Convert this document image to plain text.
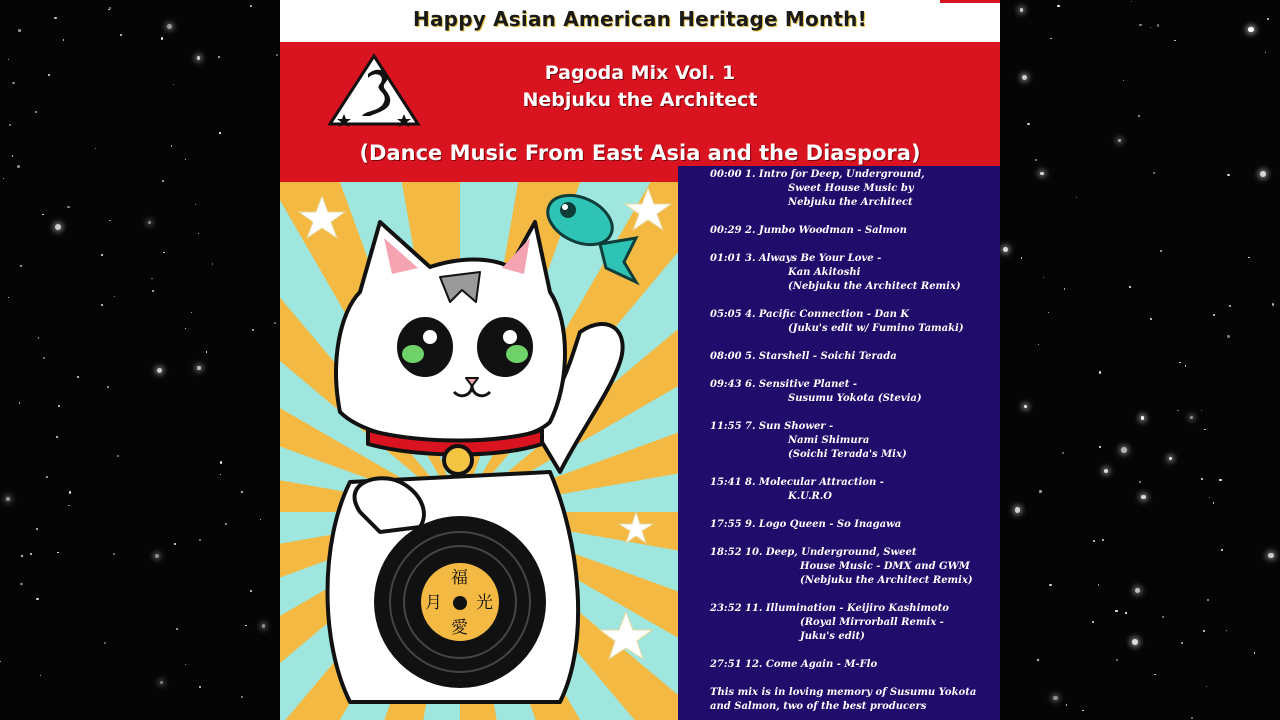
Happy Asian American Heritage Month!
Pagoda Mix Vol. 1
Nebjuku the Architect
(Dance Music From East Asia and the Diaspora)
福
月 光
愛
00:00 1. Intro for Deep, Underground,
Sweet House Music by
Nebjuku the Architect
00:29 2. Jumbo Woodman - Salmon
01:01 3. Always Be Your Love -
Kan Akitoshi
(Nebjuku the Architect Remix)
05:05 4. Pacific Connection - Dan K
(Juku's edit w/ Fumino Tamaki)
08:00 5. Starshell - Soichi Terada
09:43 6. Sensitive Planet -
Susumu Yokota (Stevia)
11:55 7. Sun Shower -
Nami Shimura
(Soichi Terada's Mix)
15:41 8. Molecular Attraction -
K.U.R.O
17:55 9. Logo Queen - So Inagawa
18:52 10. Deep, Underground, Sweet
House Music - DMX and GWM
(Nebjuku the Architect Remix)
23:52 11. Illumination - Keijiro Kashimoto
(Royal Mirrorball Remix -
Juku's edit)
27:51 12. Come Again - M-Flo
This mix is in loving memory of Susumu Yokota and Salmon, two of the best producers
